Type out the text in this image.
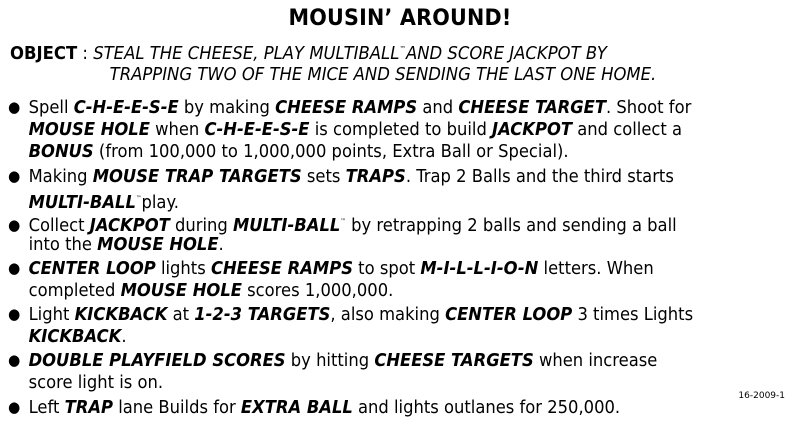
MOUSIN’ AROUND!
OBJECT : STEAL THE CHEESE, PLAY MULTIBALL™AND SCORE JACKPOT BY
TRAPPING TWO OF THE MICE AND SENDING THE LAST ONE HOME.
● Spell C-H-E-E-S-E by making CHEESE RAMPS and CHEESE TARGET. Shoot for
MOUSE HOLE when C-H-E-E-S-E is completed to build JACKPOT and collect a
BONUS (from 100,000 to 1,000,000 points, Extra Ball or Special).
● Making MOUSE TRAP TARGETS sets TRAPS. Trap 2 Balls and the third starts
MULTI-BALL™play.
● Collect JACKPOT during MULTI-BALL™ by retrapping 2 balls and sending a ball
into the MOUSE HOLE.
● CENTER LOOP lights CHEESE RAMPS to spot M-I-L-L-I-O-N letters. When
completed MOUSE HOLE scores 1,000,000.
● Light KICKBACK at 1-2-3 TARGETS, also making CENTER LOOP 3 times Lights
KICKBACK.
● DOUBLE PLAYFIELD SCORES by hitting CHEESE TARGETS when increase
score light is on.
● Left TRAP lane Builds for EXTRA BALL and lights outlanes for 250,000.
16-2009-1
